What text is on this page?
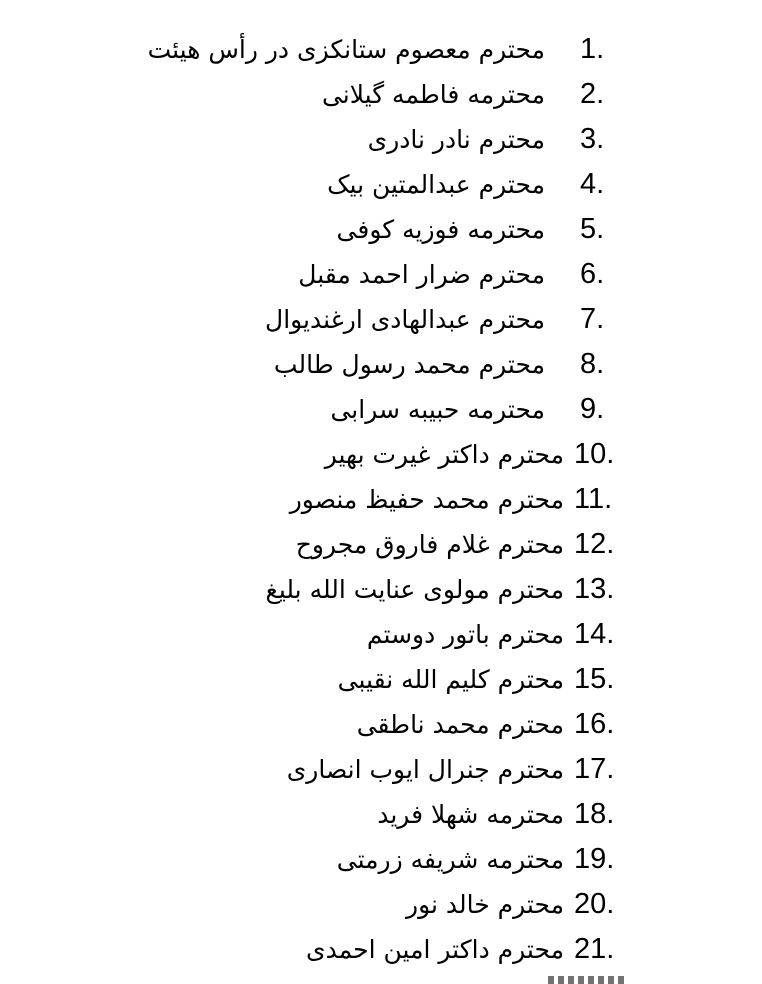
1.
محترم معصوم ستانکزی در رأس هیئت
2.
محترمه فاطمه گیلانی
3.
محترم نادر نادری
4.
محترم عبدالمتین بیک
5.
محترمه فوزیه کوفی
6.
محترم ضرار احمد مقبل
7.
محترم عبدالهادی ارغندیوال
8.
محترم محمد رسول طالب
9.
محترمه حبیبه سرابی
10.
محترم داکتر غیرت بهیر
11.
محترم محمد حفیظ منصور
12.
محترم غلام فاروق مجروح
13.
محترم مولوی عنایت الله بلیغ
14.
محترم باتور دوستم
15.
محترم کلیم الله نقیبی
16.
محترم محمد ناطقی
17.
محترم جنرال ایوب انصاری
18.
محترمه شهلا فرید
19.
محترمه شریفه زرمتی
20.
محترم خالد نور
21.
محترم داکتر امین احمدی
